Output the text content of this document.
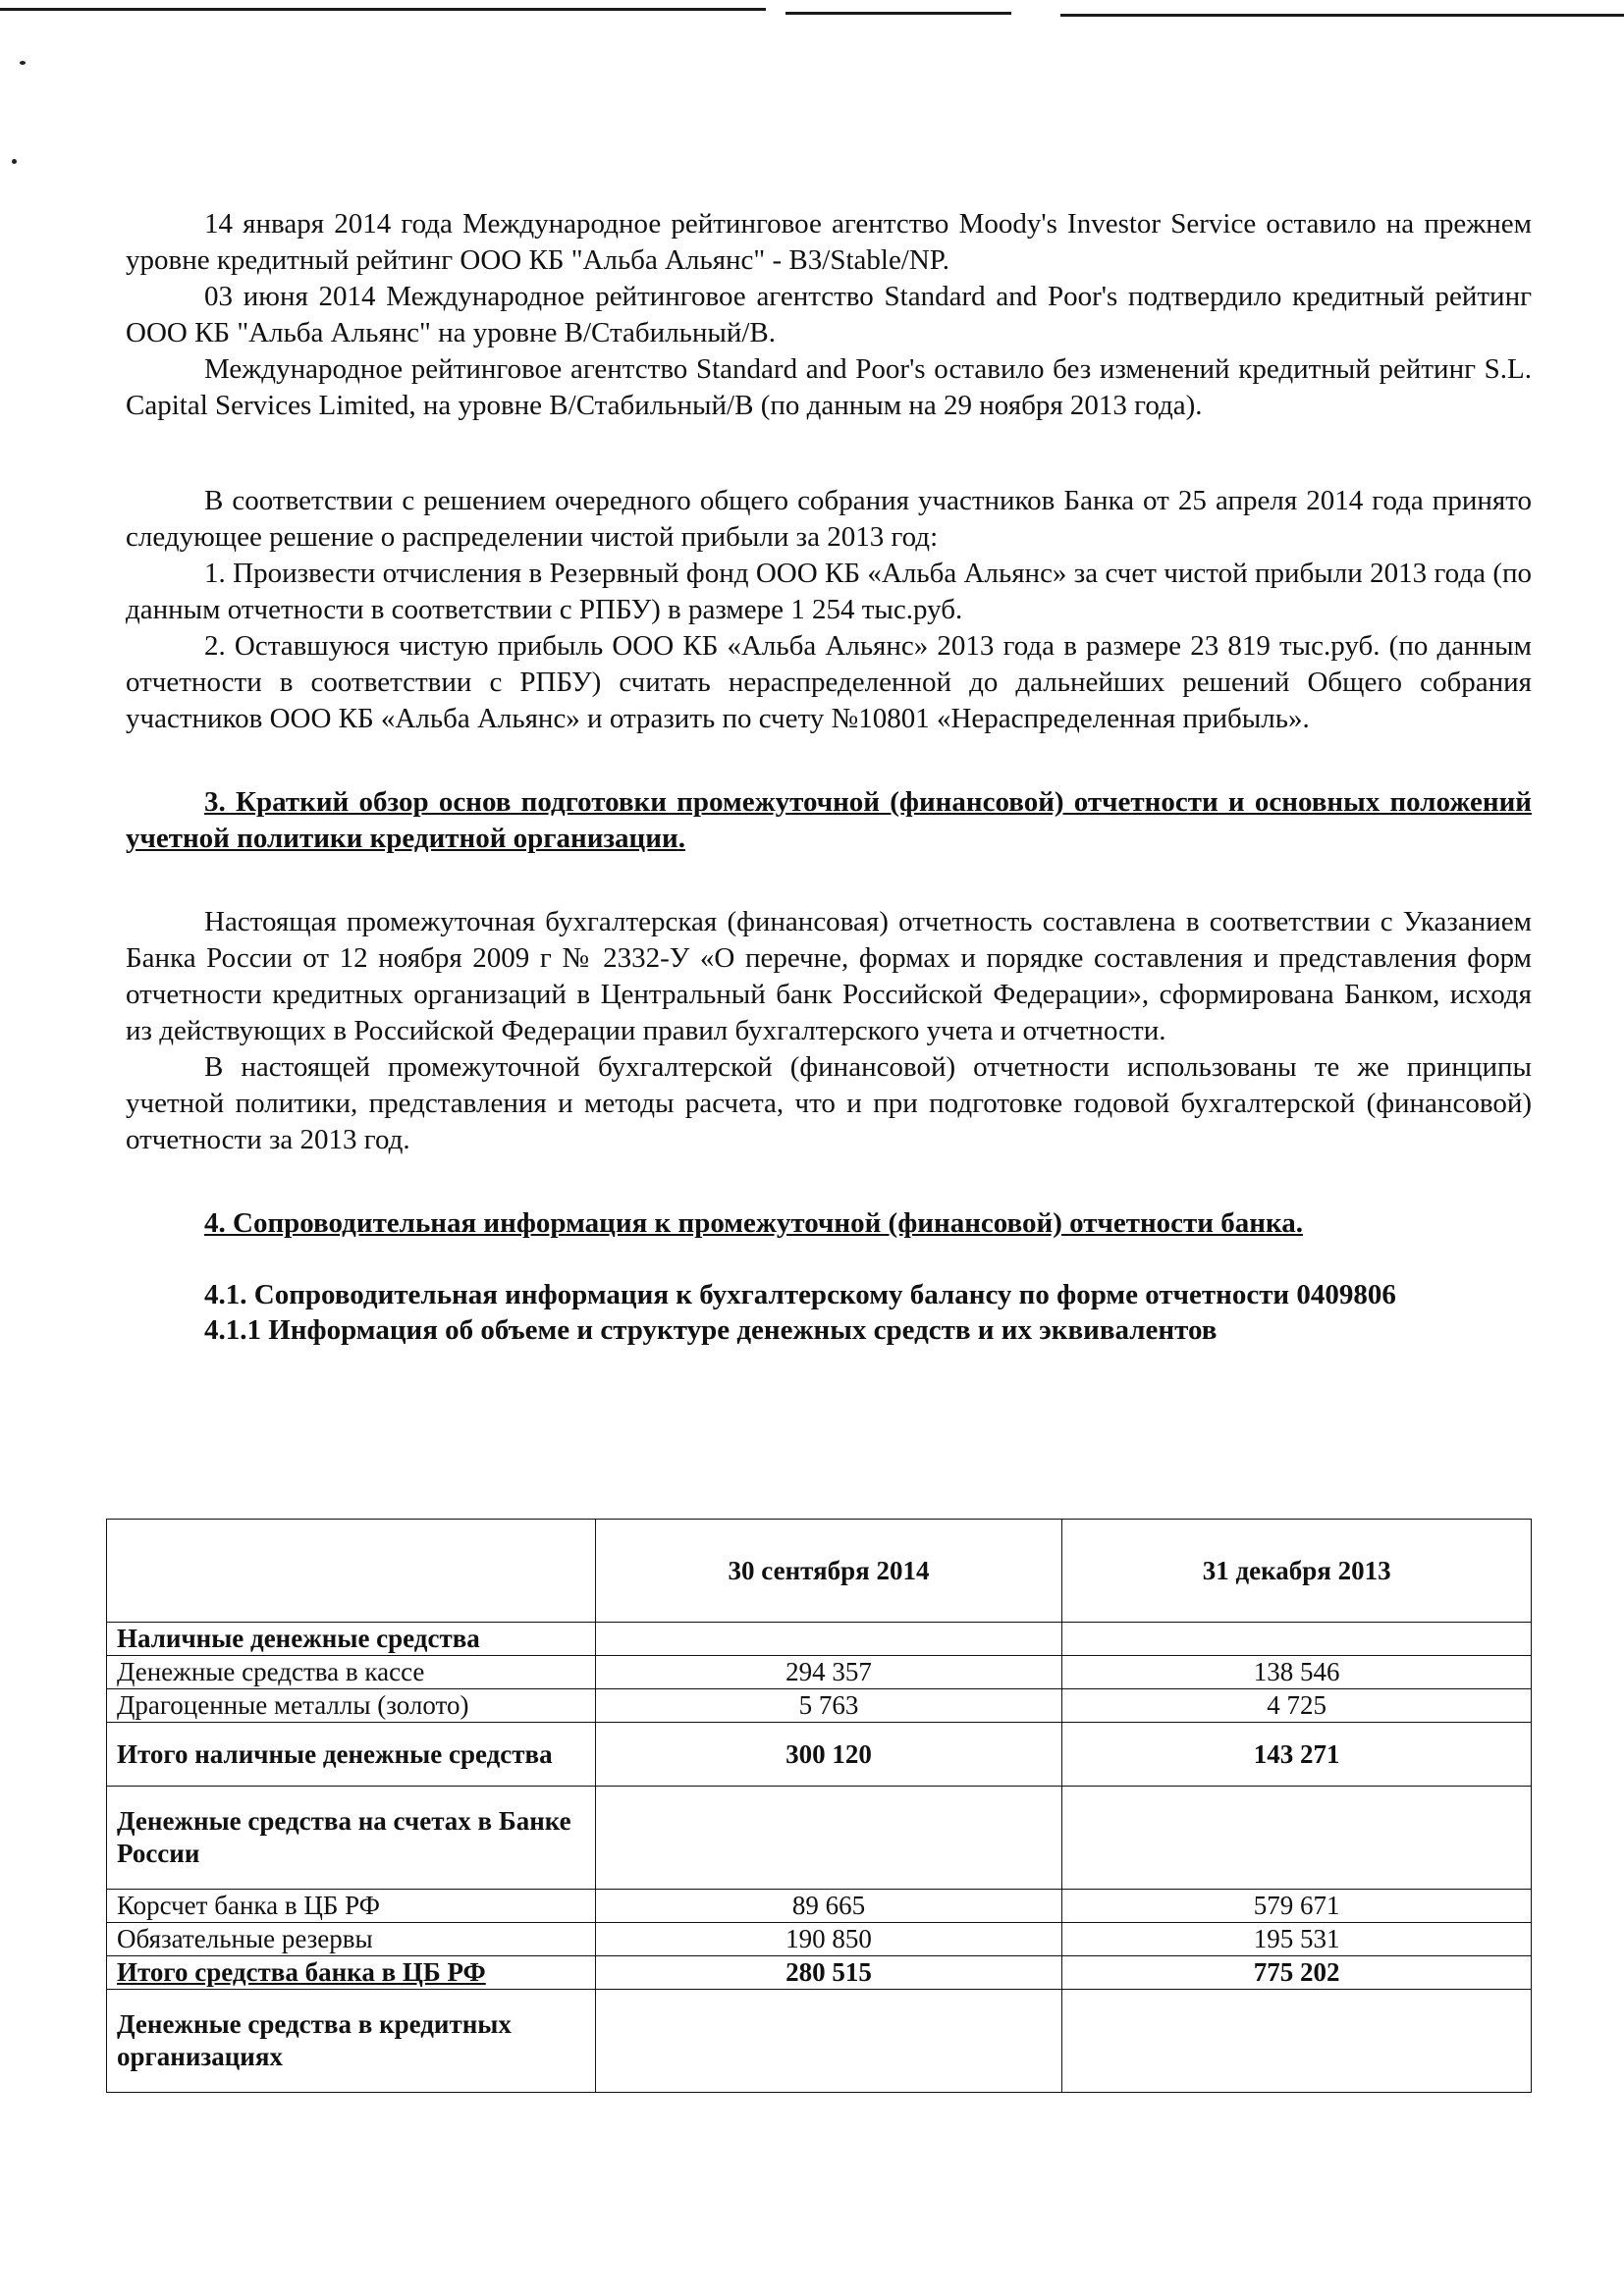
14 января 2014 года Международное рейтинговое агентство Moody's Investor Service оставило на прежнем уровне кредитный рейтинг ООО КБ "Альба Альянс" - B3/Stable/NP.

03 июня 2014 Международное рейтинговое агентство Standard and Poor's подтвердило кредитный рейтинг ООО КБ "Альба Альянс" на уровне В/Стабильный/В.

Международное рейтинговое агентство Standard and Poor's оставило без изменений кредитный рейтинг S.L. Capital Services Limited, на уровне В/Стабильный/В (по данным на 29 ноября 2013 года).

В соответствии с решением очередного общего собрания участников Банка от 25 апреля 2014 года принято следующее решение о распределении чистой прибыли за 2013 год:

1. Произвести отчисления в Резервный фонд ООО КБ «Альба Альянс» за счет чистой прибыли 2013 года (по данным отчетности в соответствии с РПБУ) в размере 1 254 тыс.руб.

2. Оставшуюся чистую прибыль ООО КБ «Альба Альянс» 2013 года в размере 23 819 тыс.руб. (по данным отчетности в соответствии с РПБУ) считать нераспределенной до дальнейших решений Общего собрания участников ООО КБ «Альба Альянс» и отразить по счету №10801 «Нераспределенная прибыль».

3. Краткий обзор основ подготовки промежуточной (финансовой) отчетности и основных положений учетной политики кредитной организации.

Настоящая промежуточная бухгалтерская (финансовая) отчетность составлена в соответствии с Указанием Банка России от 12 ноября 2009 г № 2332-У «О перечне, формах и порядке составления и представления форм отчетности кредитных организаций в Центральный банк Российской Федерации», сформирована Банком, исходя из действующих в Российской Федерации правил бухгалтерского учета и отчетности.

В настоящей промежуточной бухгалтерской (финансовой) отчетности использованы те же принципы учетной политики, представления и методы расчета, что и при подготовке годовой бухгалтерской (финансовой) отчетности за 2013 год.

4. Сопроводительная информация к промежуточной (финансовой) отчетности банка.
4.1. Сопроводительная информация к бухгалтерскому балансу по форме отчетности 0409806
4.1.1 Информация об объеме и структуре денежных средств и их эквивалентов
	30 сентября 2014	31 декабря 2013
Наличные денежные средства		
Денежные средства в кассе	294 357	138 546
Драгоценные металлы (золото)	5 763	4 725
Итого наличные денежные средства	300 120	143 271
Денежные средства на счетах в Банке России		
Корсчет банка в ЦБ РФ	89 665	579 671
Обязательные резервы	190 850	195 531
Итого средства банка в ЦБ РФ	280 515	775 202
Денежные средства в кредитных организациях		
